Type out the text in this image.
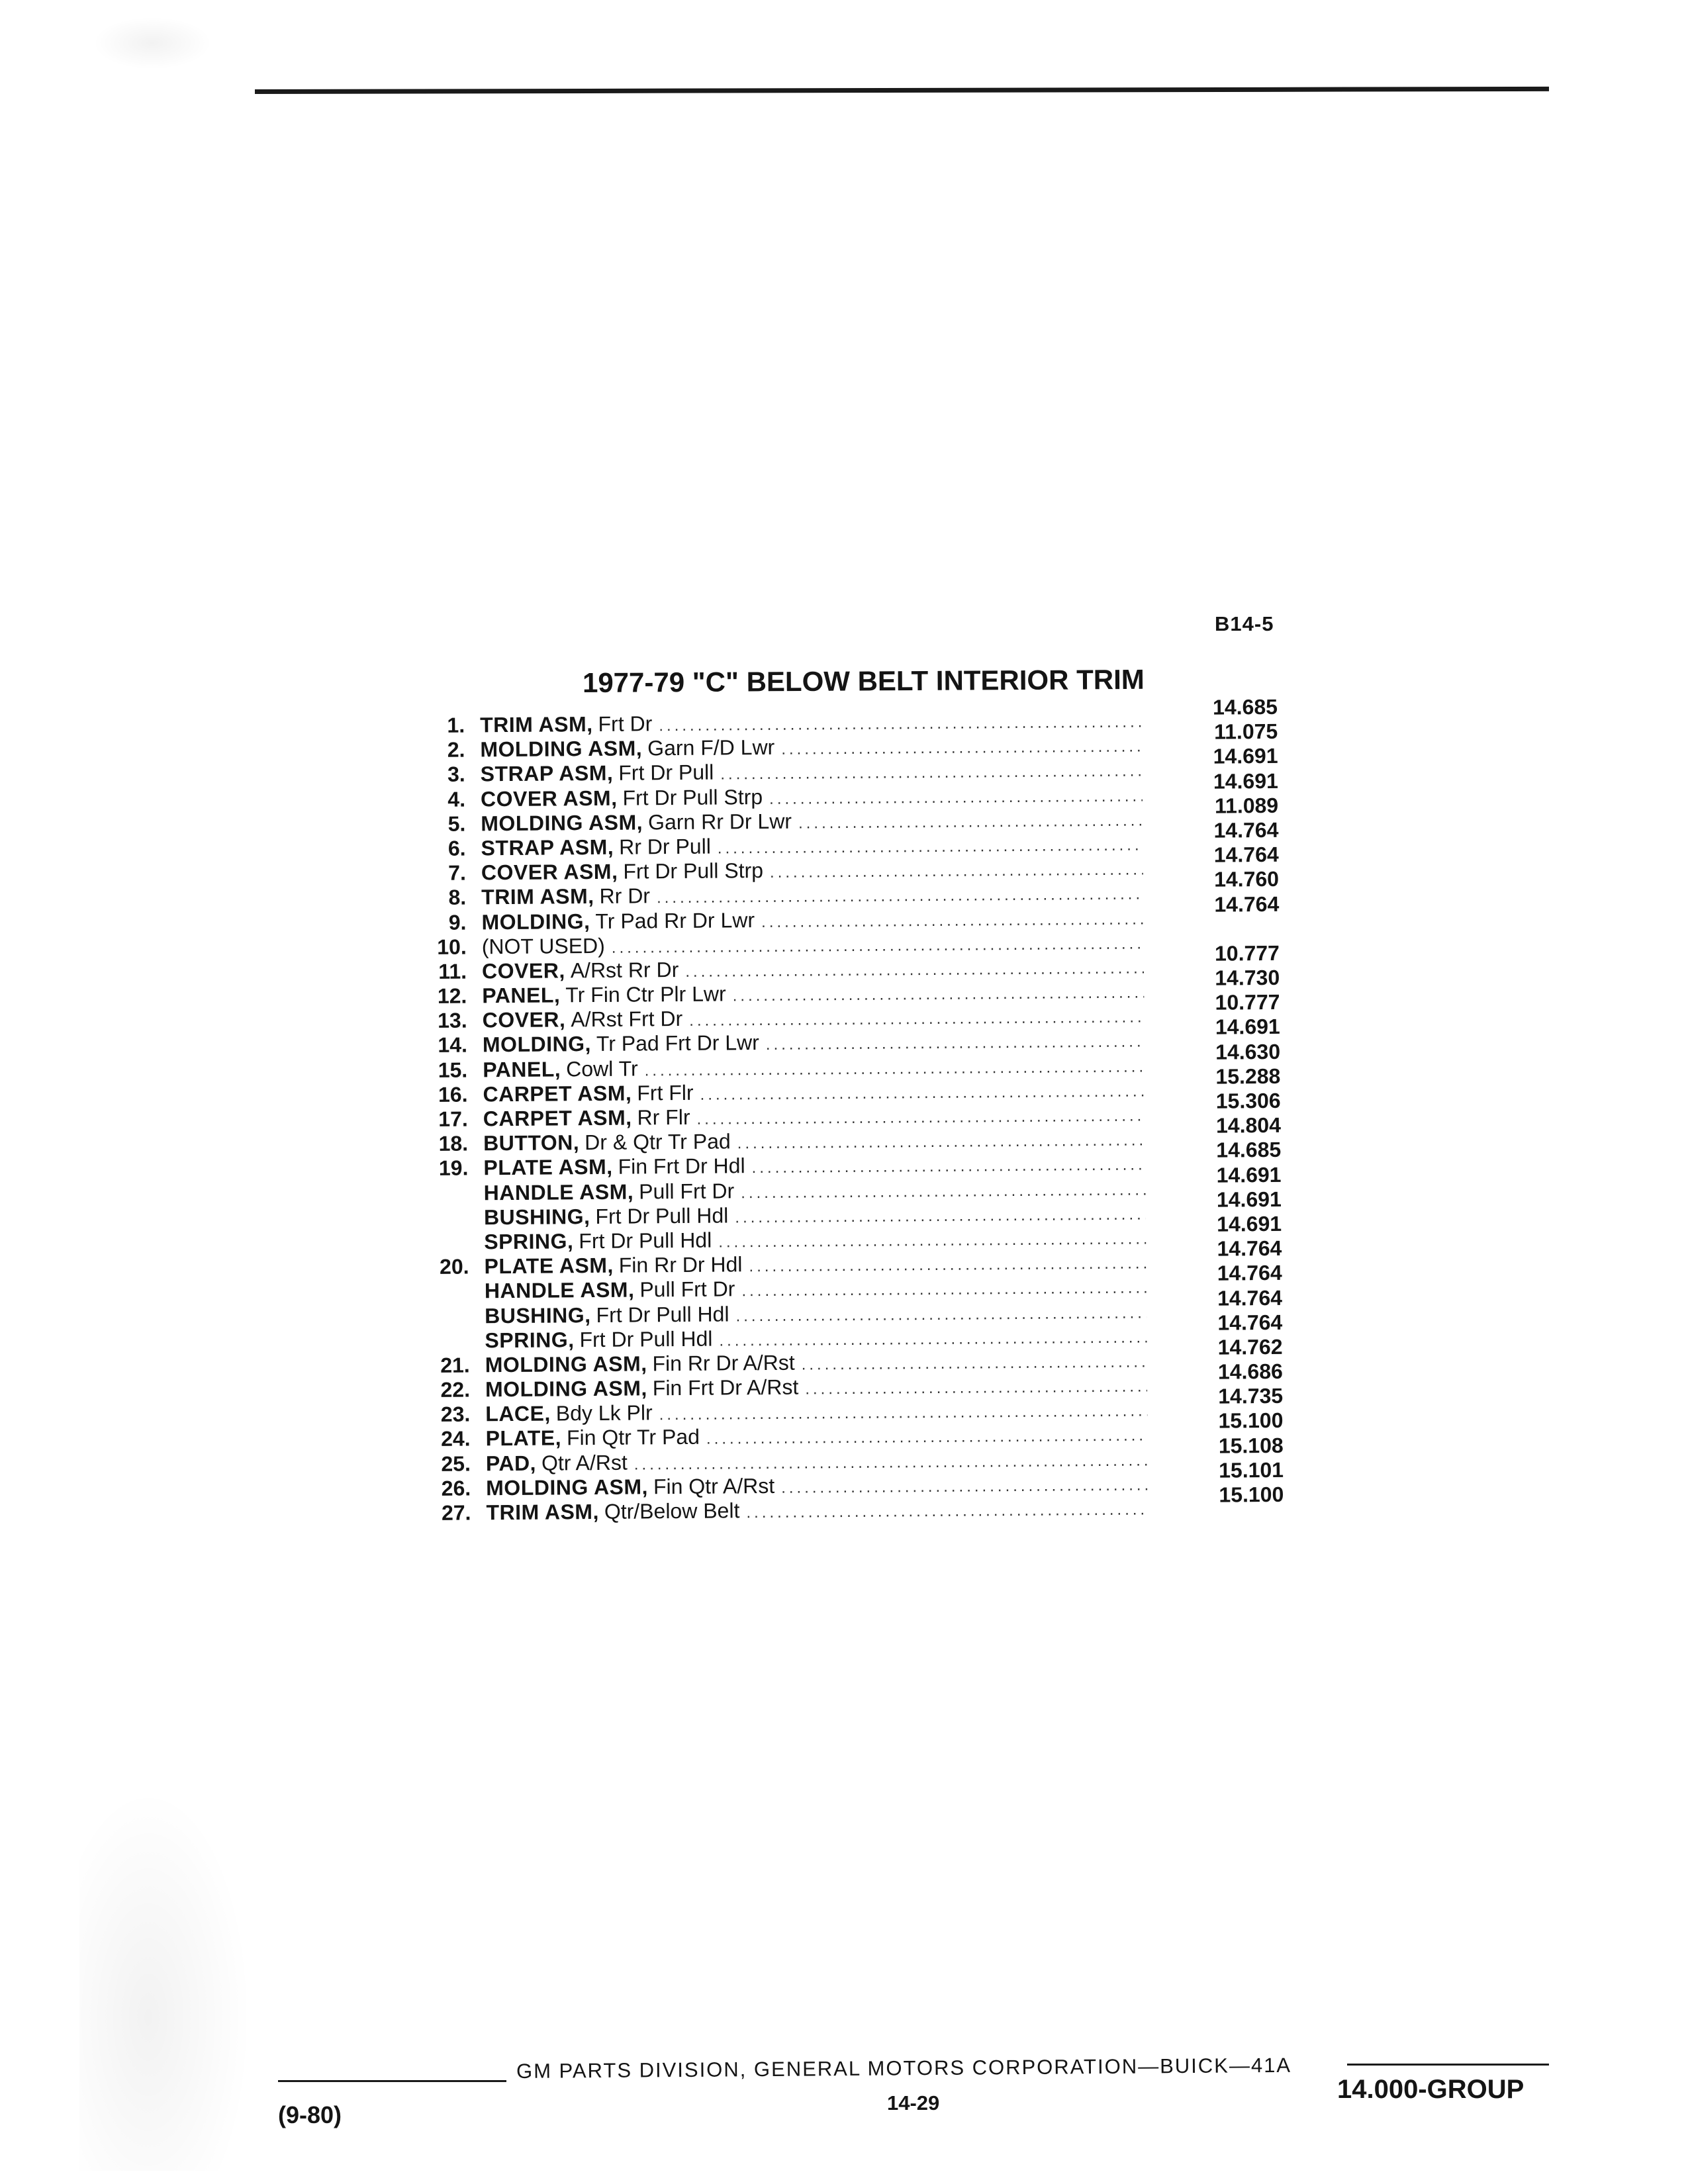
B14-5
1977-79 "C" BELOW BELT INTERIOR TRIM
1. TRIM ASM, Frt Dr
.....
14.685
2. MOLDING ASM, Garn F/D Lwr
.....
11.075
3. STRAP ASM, Frt Dr Pull
.....
14.691
4. COVER ASM, Frt Dr Pull Strp
.....
14.691
5. MOLDING ASM, Garn Rr Dr Lwr
.....
11.089
6. STRAP ASM, Rr Dr Pull
.....
14.764
7. COVER ASM, Frt Dr Pull Strp
.....
14.764
8. TRIM ASM, Rr Dr
.....
14.760
9. MOLDING, Tr Pad Rr Dr Lwr
.....
14.764
10. (NOT USED)
.....
11. COVER, A/Rst Rr Dr
.....
10.777
12. PANEL, Tr Fin Ctr Plr Lwr
.....
14.730
13. COVER, A/Rst Frt Dr
.....
10.777
14. MOLDING, Tr Pad Frt Dr Lwr
.....
14.691
15. PANEL, Cowl Tr
.....
14.630
16. CARPET ASM, Frt Flr
.....
15.288
17. CARPET ASM, Rr Flr
.....
15.306
18. BUTTON, Dr & Qtr Tr Pad
.....
14.804
19. PLATE ASM, Fin Frt Dr Hdl
.....
14.685
HANDLE ASM, Pull Frt Dr
.....
14.691
BUSHING, Frt Dr Pull Hdl
.....
14.691
SPRING, Frt Dr Pull Hdl
.....
14.691
20. PLATE ASM, Fin Rr Dr Hdl
.....
14.764
HANDLE ASM, Pull Frt Dr
.....
14.764
BUSHING, Frt Dr Pull Hdl
.....
14.764
SPRING, Frt Dr Pull Hdl
.....
14.764
21. MOLDING ASM, Fin Rr Dr A/Rst
.....
14.762
22. MOLDING ASM, Fin Frt Dr A/Rst
.....
14.686
23. LACE, Bdy Lk Plr
.....
14.735
24. PLATE, Fin Qtr Tr Pad
.....
15.100
25. PAD, Qtr A/Rst
.....
15.108
26. MOLDING ASM, Fin Qtr A/Rst
.....
15.101
27. TRIM ASM, Qtr/Below Belt
.....
15.100
GM PARTS DIVISION, GENERAL MOTORS CORPORATION—BUICK—41A
14-29
(9-80)
14.000-GROUP
